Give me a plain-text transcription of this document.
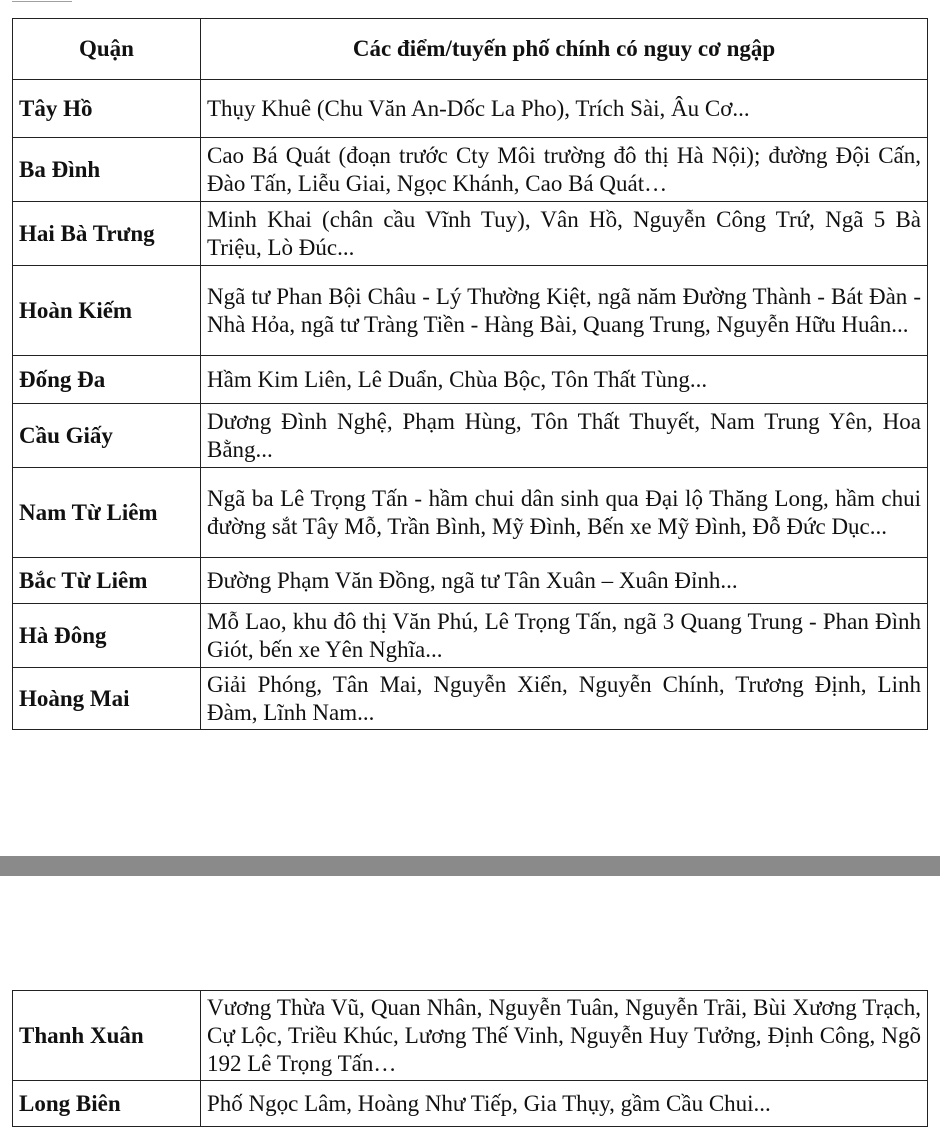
Quận	Các điểm/tuyến phố chính có nguy cơ ngập
Tây Hồ	Thụy Khuê (Chu Văn An-Dốc La Pho), Trích Sài, Âu Cơ...
Ba Đình	Cao Bá Quát (đoạn trước Cty Môi trường đô thị Hà Nội); đường Đội Cấn, Đào Tấn, Liễu Giai, Ngọc Khánh, Cao Bá Quát…
Hai Bà Trưng	Minh Khai (chân cầu Vĩnh Tuy), Vân Hồ, Nguyễn Công Trứ, Ngã 5 Bà Triệu, Lò Đúc...
Hoàn Kiếm	Ngã tư Phan Bội Châu - Lý Thường Kiệt, ngã năm Đường Thành - Bát Đàn - Nhà Hỏa, ngã tư Tràng Tiền - Hàng Bài, Quang Trung, Nguyễn Hữu Huân...
Đống Đa	Hầm Kim Liên, Lê Duẩn, Chùa Bộc, Tôn Thất Tùng...
Cầu Giấy	Dương Đình Nghệ, Phạm Hùng, Tôn Thất Thuyết, Nam Trung Yên, Hoa Bằng...
Nam Từ Liêm	Ngã ba Lê Trọng Tấn - hầm chui dân sinh qua Đại lộ Thăng Long, hầm chui đường sắt Tây Mỗ, Trần Bình, Mỹ Đình, Bến xe Mỹ Đình, Đỗ Đức Dục...
Bắc Từ Liêm	Đường Phạm Văn Đồng, ngã tư Tân Xuân – Xuân Đỉnh...
Hà Đông	Mỗ Lao, khu đô thị Văn Phú, Lê Trọng Tấn, ngã 3 Quang Trung - Phan Đình Giót, bến xe Yên Nghĩa...
Hoàng Mai	Giải Phóng, Tân Mai, Nguyễn Xiển, Nguyễn Chính, Trương Định, Linh Đàm, Lĩnh Nam...
Thanh Xuân	Vương Thừa Vũ, Quan Nhân, Nguyễn Tuân, Nguyễn Trãi, Bùi Xương Trạch, Cự Lộc, Triều Khúc, Lương Thế Vinh, Nguyễn Huy Tưởng, Định Công, Ngõ 192 Lê Trọng Tấn…
Long Biên	Phố Ngọc Lâm, Hoàng Như Tiếp, Gia Thụy, gầm Cầu Chui...
